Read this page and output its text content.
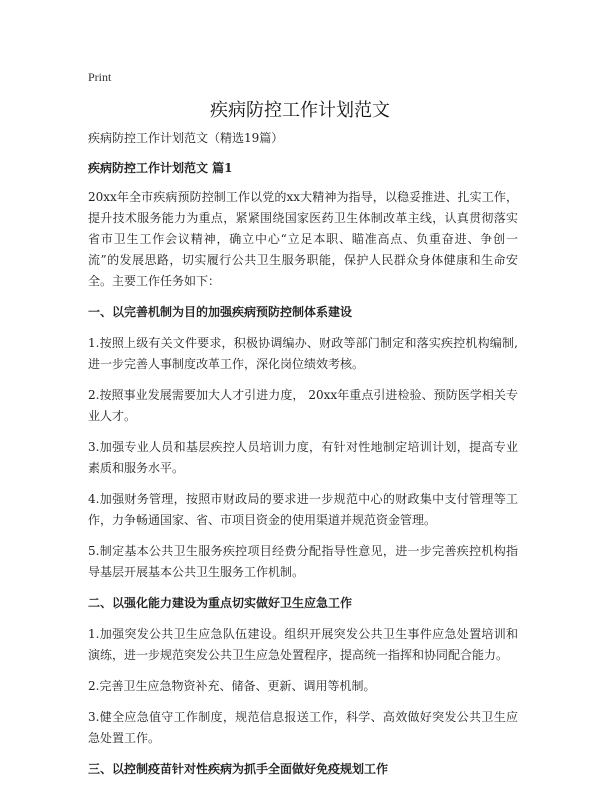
Print
疾病防控工作计划范文

疾病防控工作计划范文（精选19篇）

疾病防控工作计划范文 篇1

20xx年全市疾病预防控制工作以党的xx大精神为指导，以稳妥推进、扎实工作，提升技术服务能力为重点，紧紧围绕国家医药卫生体制改革主线，认真贯彻落实省市卫生工作会议精神，确立中心“立足本职、瞄准高点、负重奋进、争创一流”的发展思路，切实履行公共卫生服务职能，保护人民群众身体健康和生命安全。主要工作任务如下：

一、以完善机制为目的加强疾病预防控制体系建设

1.按照上级有关文件要求，积极协调编办、财政等部门制定和落实疾控机构编制,进一步完善人事制度改革工作，深化岗位绩效考核。

2.按照事业发展需要加大人才引进力度， 20xx年重点引进检验、预防医学相关专业人才。

3.加强专业人员和基层疾控人员培训力度，有针对性地制定培训计划，提高专业素质和服务水平。

4.加强财务管理，按照市财政局的要求进一步规范中心的财政集中支付管理等工作，力争畅通国家、省、市项目资金的使用渠道并规范资金管理。

5.制定基本公共卫生服务疾控项目经费分配指导性意见，进一步完善疾控机构指导基层开展基本公共卫生服务工作机制。

二、以强化能力建设为重点切实做好卫生应急工作

1.加强突发公共卫生应急队伍建设。组织开展突发公共卫生事件应急处置培训和演练，进一步规范突发公共卫生应急处置程序，提高统一指挥和协同配合能力。

2.完善卫生应急物资补充、储备、更新、调用等机制。

3.健全应急值守工作制度，规范信息报送工作，科学、高效做好突发公共卫生应急处置工作。

三、以控制疫苗针对性疾病为抓手全面做好免疫规划工作
